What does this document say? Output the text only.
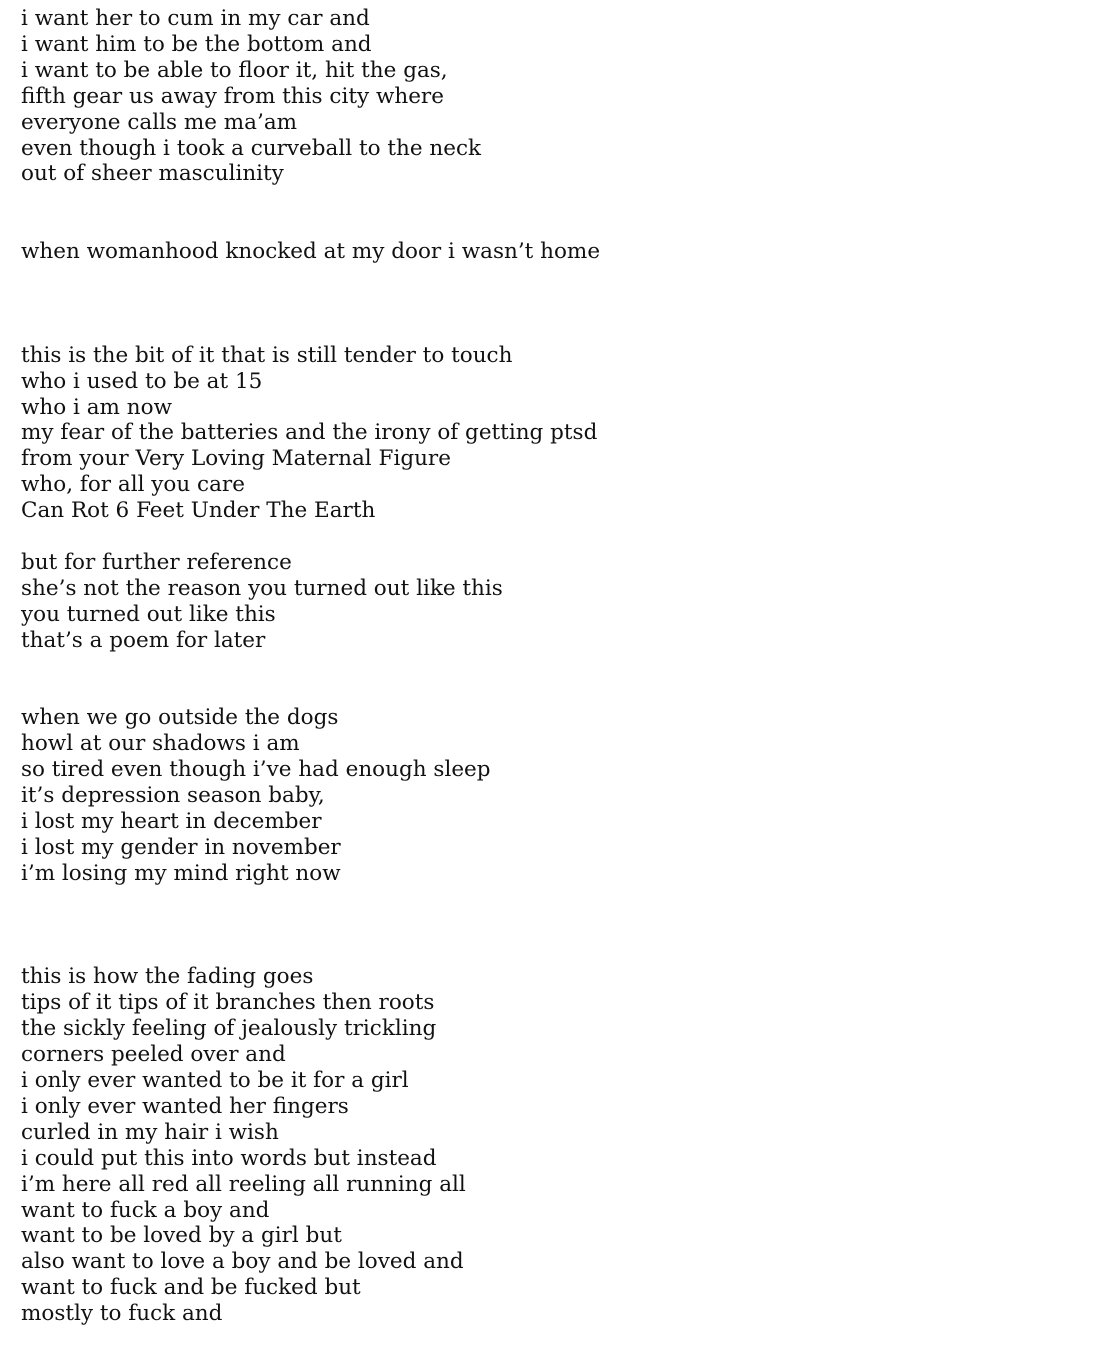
i want her to cum in my car and
i want him to be the bottom and
i want to be able to floor it, hit the gas,
fifth gear us away from this city where
everyone calls me ma’am
even though i took a curveball to the neck
out of sheer masculinity
when womanhood knocked at my door i wasn’t home
this is the bit of it that is still tender to touch
who i used to be at 15
who i am now
my fear of the batteries and the irony of getting ptsd
from your Very Loving Maternal Figure
who, for all you care
Can Rot 6 Feet Under The Earth
but for further reference
she’s not the reason you turned out like this
you turned out like this
that’s a poem for later
when we go outside the dogs
howl at our shadows i am
so tired even though i’ve had enough sleep
it’s depression season baby,
i lost my heart in december
i lost my gender in november
i’m losing my mind right now
this is how the fading goes
tips of it tips of it branches then roots
the sickly feeling of jealously trickling
corners peeled over and
i only ever wanted to be it for a girl
i only ever wanted her fingers
curled in my hair i wish
i could put this into words but instead
i’m here all red all reeling all running all
want to fuck a boy and
want to be loved by a girl but
also want to love a boy and be loved and
want to fuck and be fucked but
mostly to fuck and
